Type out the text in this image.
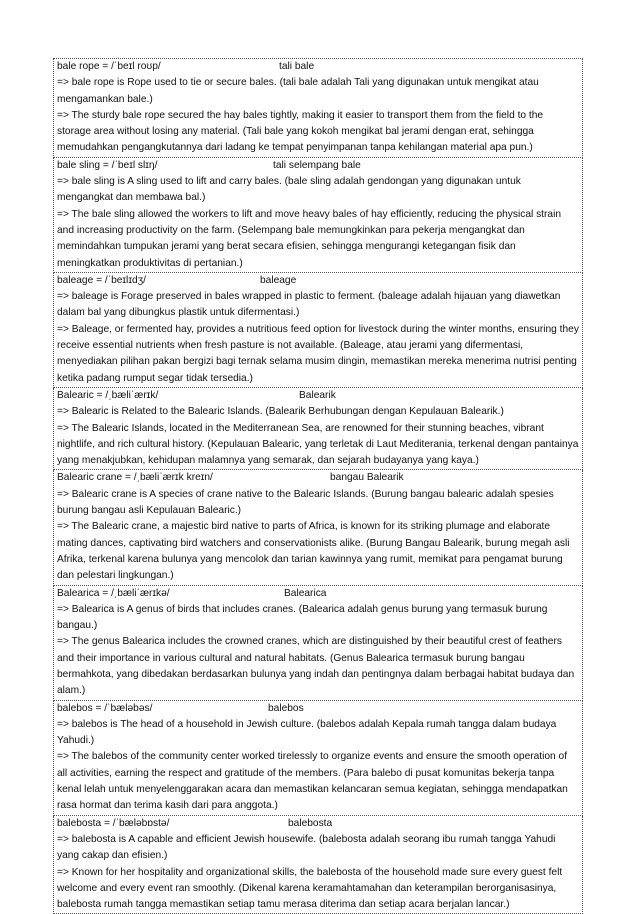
bale rope = /ˈbeɪl roʊp/	tali bale
=> bale rope is Rope used to tie or secure bales. (tali bale adalah Tali yang digunakan untuk mengikat atau mengamankan bale.)
=> The sturdy bale rope secured the hay bales tightly, making it easier to transport them from the field to the storage area without losing any material. (Tali bale yang kokoh mengikat bal jerami dengan erat, sehingga memudahkan pengangkutannya dari ladang ke tempat penyimpanan tanpa kehilangan material apa pun.)
bale sling = /ˈbeɪl slɪŋ/	tali selempang bale
=> bale sling is A sling used to lift and carry bales. (bale sling adalah gendongan yang digunakan untuk mengangkat dan membawa bal.)
=> The bale sling allowed the workers to lift and move heavy bales of hay efficiently, reducing the physical strain and increasing productivity on the farm. (Selempang bale memungkinkan para pekerja mengangkat dan memindahkan tumpukan jerami yang berat secara efisien, sehingga mengurangi ketegangan fisik dan meningkatkan produktivitas di pertanian.)
baleage = /ˈbeɪlɪdʒ/	baleage
=> baleage is Forage preserved in bales wrapped in plastic to ferment. (baleage adalah hijauan yang diawetkan dalam bal yang dibungkus plastik untuk difermentasi.)
=> Baleage, or fermented hay, provides a nutritious feed option for livestock during the winter months, ensuring they receive essential nutrients when fresh pasture is not available. (Baleage, atau jerami yang difermentasi, menyediakan pilihan pakan bergizi bagi ternak selama musim dingin, memastikan mereka menerima nutrisi penting ketika padang rumput segar tidak tersedia.)
Balearic = /ˌbæliˈærɪk/	Balearik
=> Balearic is Related to the Balearic Islands. (Balearik Berhubungan dengan Kepulauan Balearik.)
=> The Balearic Islands, located in the Mediterranean Sea, are renowned for their stunning beaches, vibrant nightlife, and rich cultural history. (Kepulauan Balearic, yang terletak di Laut Mediterania, terkenal dengan pantainya yang menakjubkan, kehidupan malamnya yang semarak, dan sejarah budayanya yang kaya.)
Balearic crane = /ˌbæliˈærɪk kreɪn/	bangau Balearik
=> Balearic crane is A species of crane native to the Balearic Islands. (Burung bangau balearic adalah spesies burung bangau asli Kepulauan Balearic.)
=> The Balearic crane, a majestic bird native to parts of Africa, is known for its striking plumage and elaborate mating dances, captivating bird watchers and conservationists alike. (Burung Bangau Balearik, burung megah asli Afrika, terkenal karena bulunya yang mencolok dan tarian kawinnya yang rumit, memikat para pengamat burung dan pelestari lingkungan.)
Balearica = /ˌbæliˈærɪkə/	Balearica
=> Balearica is A genus of birds that includes cranes. (Balearica adalah genus burung yang termasuk burung bangau.)
=> The genus Balearica includes the crowned cranes, which are distinguished by their beautiful crest of feathers and their importance in various cultural and natural habitats. (Genus Balearica termasuk burung bangau bermahkota, yang dibedakan berdasarkan bulunya yang indah dan pentingnya dalam berbagai habitat budaya dan alam.)
balebos = /ˈbæləbəs/	balebos
=> balebos is The head of a household in Jewish culture. (balebos adalah Kepala rumah tangga dalam budaya Yahudi.)
=> The balebos of the community center worked tirelessly to organize events and ensure the smooth operation of all activities, earning the respect and gratitude of the members. (Para balebo di pusat komunitas bekerja tanpa kenal lelah untuk menyelenggarakan acara dan memastikan kelancaran semua kegiatan, sehingga mendapatkan rasa hormat dan terima kasih dari para anggota.)
balebosta = /ˈbæləbɒstə/	balebosta
=> balebosta is A capable and efficient Jewish housewife. (balebosta adalah seorang ibu rumah tangga Yahudi yang cakap dan efisien.)
=> Known for her hospitality and organizational skills, the balebosta of the household made sure every guest felt welcome and every event ran smoothly. (Dikenal karena keramahtamahan dan keterampilan berorganisasinya, balebosta rumah tangga memastikan setiap tamu merasa diterima dan setiap acara berjalan lancar.)
